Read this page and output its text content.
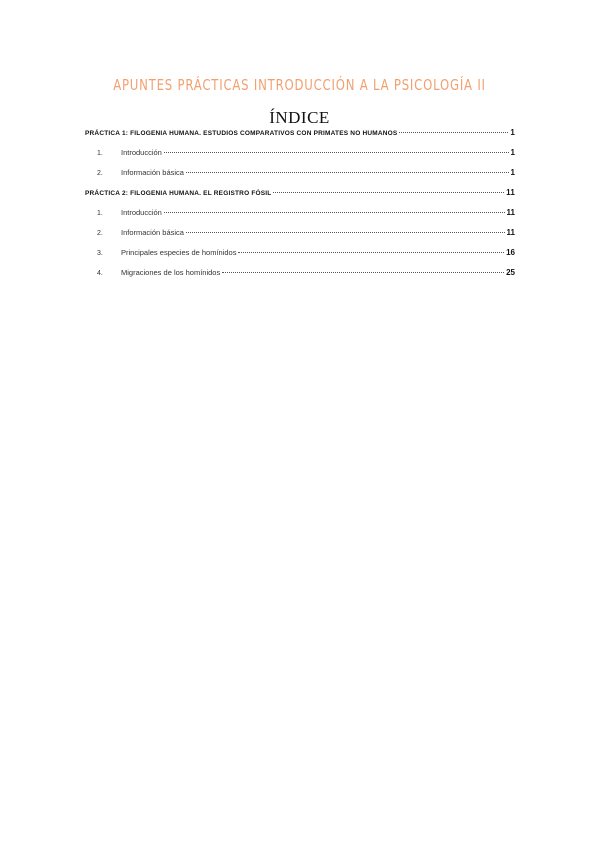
APUNTES PRÁCTICAS INTRODUCCIÓN A LA PSICOLOGÍA II
ÍNDICE
PRÁCTICA 1: FILOGENIA HUMANA. ESTUDIOS COMPARATIVOS CON PRIMATES NO HUMANOS	1
1.	Introducción	1
2.	Información básica	1
PRÁCTICA 2: FILOGENIA HUMANA. EL REGISTRO FÓSIL	11
1.	Introducción	11
2.	Información básica	11
3.	Principales especies de homínidos	16
4.	Migraciones de los homínidos	25
